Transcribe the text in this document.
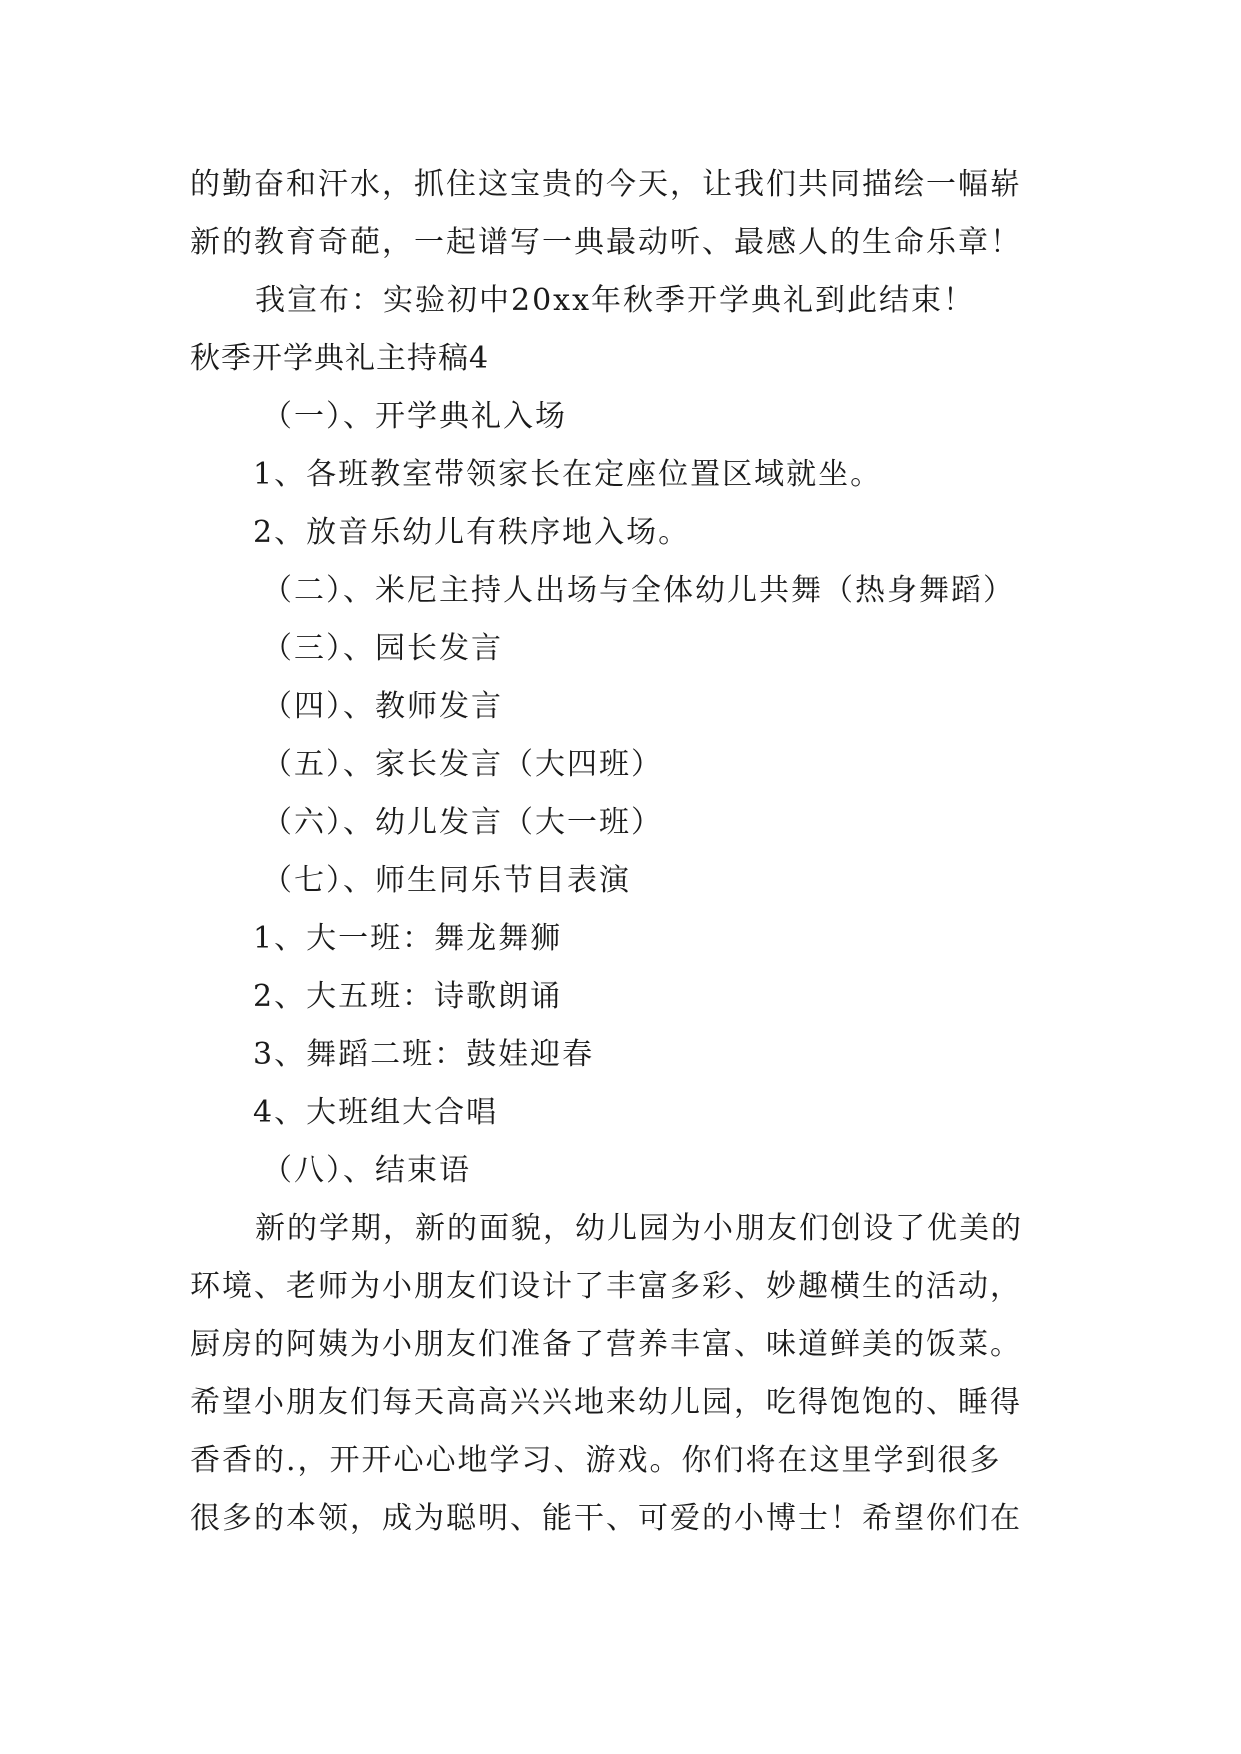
的勤奋和汗水，抓住这宝贵的今天，让我们共同描绘一幅崭

新的教育奇葩，一起谱写一典最动听、最感人的生命乐章！

我宣布：实验初中20xx年秋季开学典礼到此结束！

秋季开学典礼主持稿4

（一）、开学典礼入场

1、各班教室带领家长在定座位置区域就坐。

2、放音乐幼儿有秩序地入场。

（二）、米尼主持人出场与全体幼儿共舞（热身舞蹈）

（三）、园长发言

（四）、教师发言

（五）、家长发言（大四班）

（六）、幼儿发言（大一班）

（七）、师生同乐节目表演

1、大一班：舞龙舞狮

2、大五班：诗歌朗诵

3、舞蹈二班：鼓娃迎春

4、大班组大合唱

（八）、结束语

新的学期，新的面貌，幼儿园为小朋友们创设了优美的

环境、老师为小朋友们设计了丰富多彩、妙趣横生的活动，

厨房的阿姨为小朋友们准备了营养丰富、味道鲜美的饭菜。

希望小朋友们每天高高兴兴地来幼儿园，吃得饱饱的、睡得

香香的.，开开心心地学习、游戏。你们将在这里学到很多

很多的本领，成为聪明、能干、可爱的小博士！希望你们在
